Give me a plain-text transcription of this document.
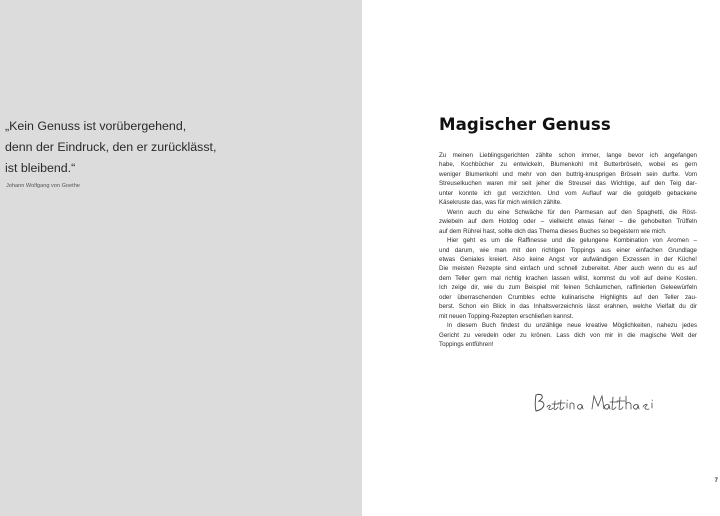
„Kein Genuss ist vorübergehend,
denn der Eindruck, den er zurücklässt,
ist bleibend.“
Johann Wolfgang von Goethe
Magischer Genuss
Zu meinen Lieblingsgerichten zählte schon immer, lange bevor ich angefangen
habe, Kochbücher zu entwickeln, Blumenkohl mit Butterbröseln, wobei es gern
weniger Blumenkohl und mehr von den buttrig-knusprigen Bröseln sein durfte. Vom
Streuselkuchen waren mir seit jeher die Streusel das Wichtige, auf den Teig dar-
unter konnte ich gut verzichten. Und vom Auflauf war die goldgelb gebackene
Käsekruste das, was für mich wirklich zählte.
Wenn auch du eine Schwäche für den Parmesan auf den Spaghetti, die Röst-
zwiebeln auf dem Hotdog oder – vielleicht etwas feiner – die gehobelten Trüffeln
auf dem Rührei hast, sollte dich das Thema dieses Buches so begeistern wie mich.
Hier geht es um die Raffinesse und die gelungene Kombination von Aromen –
und darum, wie man mit den richtigen Toppings aus einer einfachen Grundlage
etwas Geniales kreiert. Also keine Angst vor aufwändigen Exzessen in der Küche!
Die meisten Rezepte sind einfach und schnell zubereitet. Aber auch wenn du es auf
dem Teller gern mal richtig krachen lassen willst, kommst du voll auf deine Kosten.
Ich zeige dir, wie du zum Beispiel mit feinen Schäumchen, raffinierten Geleewürfeln
oder überraschenden Crumbles echte kulinarische Highlights auf den Teller zau-
berst. Schon ein Blick in das Inhaltsverzeichnis lässt erahnen, welche Vielfalt du dir
mit neuen Topping-Rezepten erschließen kannst.
In diesem Buch findest du unzählige neue kreative Möglichkeiten, nahezu jedes
Gericht zu veredeln oder zu krönen. Lass dich von mir in die magische Welt der
Toppings entführen!
7
